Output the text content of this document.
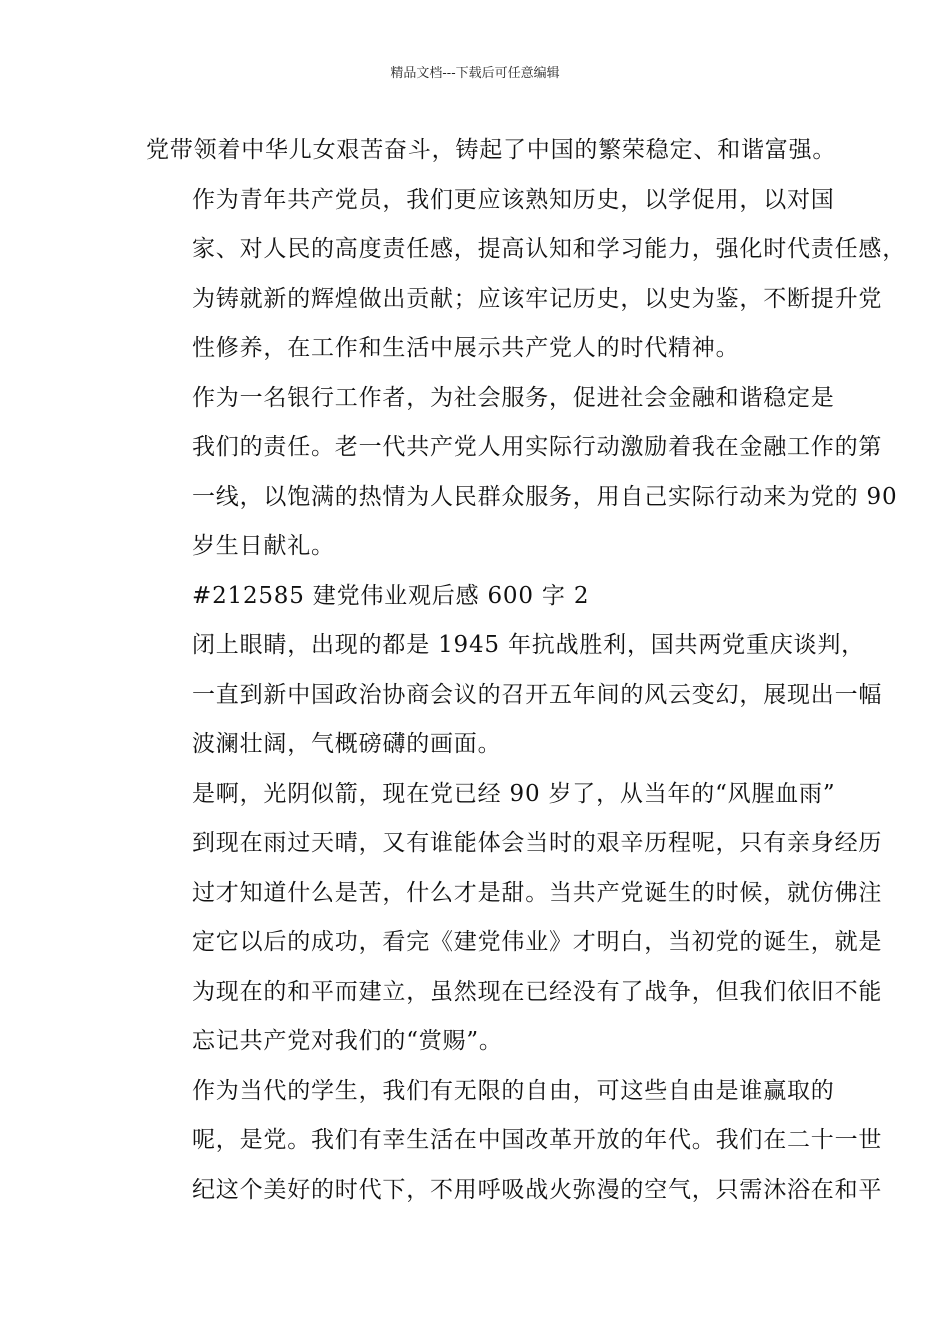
精品文档---下载后可任意编辑

党带领着中华儿女艰苦奋斗，铸起了中国的繁荣稳定、和谐富强。

作为青年共产党员，我们更应该熟知历史，以学促用，以对国
家、对人民的高度责任感，提高认知和学习能力，强化时代责任感，
为铸就新的辉煌做出贡献；应该牢记历史，以史为鉴，不断提升党
性修养，在工作和生活中展示共产党人的时代精神。

作为一名银行工作者，为社会服务，促进社会金融和谐稳定是
我们的责任。老一代共产党人用实际行动激励着我在金融工作的第
一线，以饱满的热情为人民群众服务，用自己实际行动来为党的 90
岁生日献礼。

#212585 建党伟业观后感 600 字 2

闭上眼睛，出现的都是 1945 年抗战胜利，国共两党重庆谈判，
一直到新中国政治协商会议的召开五年间的风云变幻，展现出一幅
波澜壮阔，气概磅礴的画面。

是啊，光阴似箭，现在党已经 90 岁了，从当年的“风腥血雨”
到现在雨过天晴，又有谁能体会当时的艰辛历程呢，只有亲身经历
过才知道什么是苦，什么才是甜。当共产党诞生的时候，就仿佛注
定它以后的成功，看完《建党伟业》才明白，当初党的诞生，就是
为现在的和平而建立，虽然现在已经没有了战争，但我们依旧不能
忘记共产党对我们的“赏赐”。

作为当代的学生，我们有无限的自由，可这些自由是谁赢取的
呢，是党。我们有幸生活在中国改革开放的年代。我们在二十一世
纪这个美好的时代下，不用呼吸战火弥漫的空气，只需沐浴在和平
